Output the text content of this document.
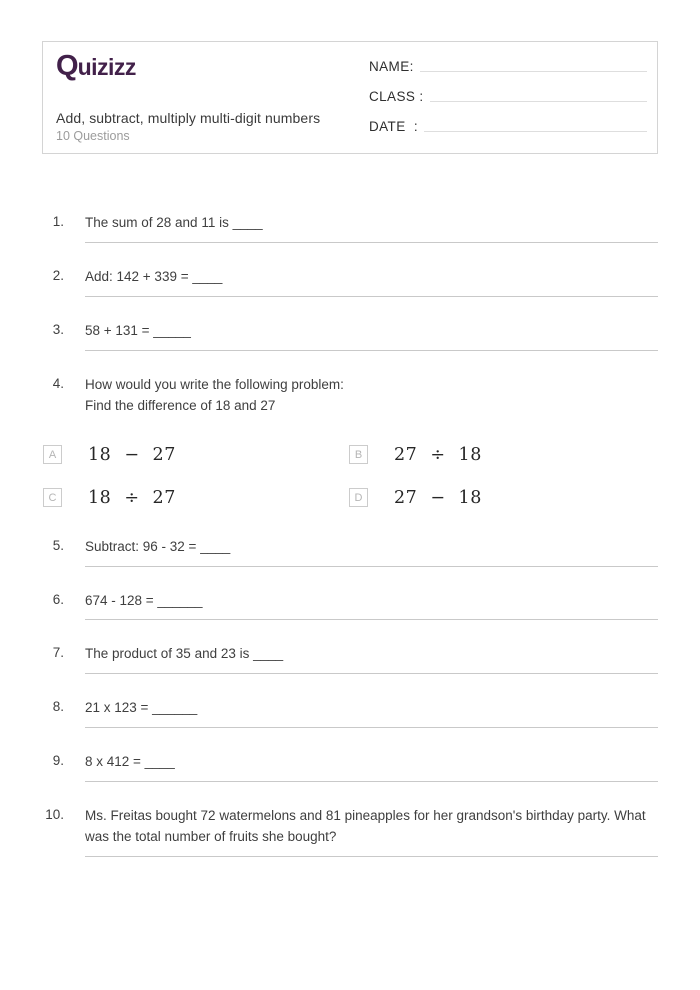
Quizizz
Add, subtract, multiply multi-digit numbers
10 Questions
NAME:
CLASS :
DATE  :
1. The sum of 28 and 11 is ____
2. Add: 142 + 339 = ____
3. 58 + 131 = _____
4. How would you write the following problem:
Find the difference of 18 and 27
A	18 − 27	B	27 ÷ 18
C	18 ÷ 27	D	27 − 18
5. Subtract: 96 - 32 = ____
6. 674 - 128 = ______
7. The product of 35 and 23 is ____
8. 21 x 123 = ______
9. 8 x 412 = ____
10. Ms. Freitas bought 72 watermelons and 81 pineapples for her grandson's birthday party. What was the total number of fruits she bought?
